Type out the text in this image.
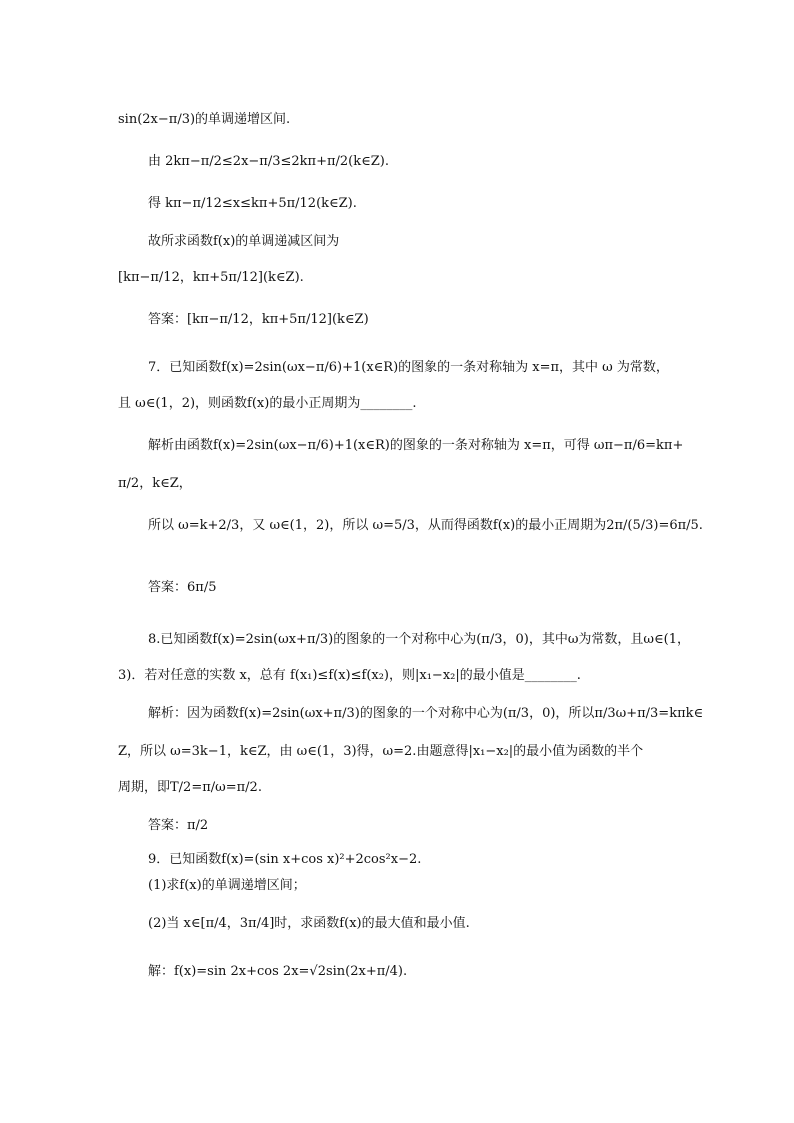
sin(2x−π/3)的单调递增区间.
由 2kπ−π/2≤2x−π/3≤2kπ+π/2(k∈Z).
得 kπ−π/12≤x≤kπ+5π/12(k∈Z).
故所求函数f(x)的单调递减区间为
[kπ−π/12，kπ+5π/12](k∈Z).
答案：[kπ−π/12，kπ+5π/12](k∈Z)
7．已知函数f(x)=2sin(ωx−π/6)+1(x∈R)的图象的一条对称轴为 x=π，其中 ω 为常数，
且 ω∈(1，2)，则函数f(x)的最小正周期为________.
解析由函数f(x)=2sin(ωx−π/6)+1(x∈R)的图象的一条对称轴为 x=π，可得 ωπ−π/6=kπ+
π/2，k∈Z，
所以 ω=k+2/3，又 ω∈(1，2)，所以 ω=5/3，从而得函数f(x)的最小正周期为2π/(5/3)=6π/5.
答案：6π/5
8.已知函数f(x)=2sin(ωx+π/3)的图象的一个对称中心为(π/3，0)，其中ω为常数，且ω∈(1，
3)．若对任意的实数 x，总有 f(x₁)≤f(x)≤f(x₂)，则|x₁−x₂|的最小值是________.
解析：因为函数f(x)=2sin(ωx+π/3)的图象的一个对称中心为(π/3，0)，所以π/3ω+π/3=kπk∈
Z，所以 ω=3k−1，k∈Z，由 ω∈(1，3)得，ω=2.由题意得|x₁−x₂|的最小值为函数的半个
周期，即T/2=π/ω=π/2.
答案：π/2
9．已知函数f(x)=(sin x+cos x)²+2cos²x−2.
(1)求f(x)的单调递增区间；
(2)当 x∈[π/4，3π/4]时，求函数f(x)的最大值和最小值.
解：f(x)=sin 2x+cos 2x=√2sin(2x+π/4).
